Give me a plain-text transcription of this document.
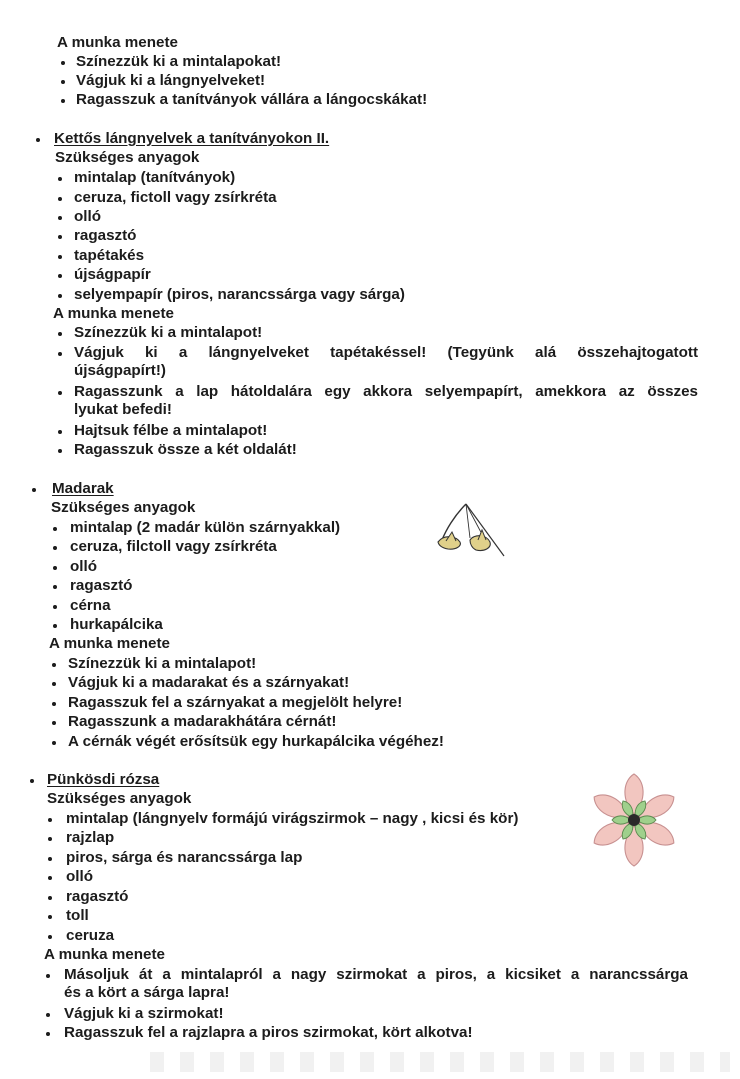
A munka menete
Színezzük ki a mintalapokat!
Vágjuk ki a lángnyelveket!
Ragasszuk a tanítványok vállára a lángocskákat!
Kettős lángnyelvek a tanítványokon II.
Szükséges anyagok
mintalap (tanítványok)
ceruza, fictoll vagy zsírkréta
olló
ragasztó
tapétakés
újságpapír
selyempapír (piros, narancssárga vagy sárga)
A munka menete
Színezzük ki a mintalapot!
Vágjuk ki a lángnyelveket tapétakéssel! (Tegyünk alá összehajtogatott
újságpapírt!)
Ragasszunk a lap hátoldalára egy akkora selyempapírt, amekkora az összes
lyukat befedi!
Hajtsuk félbe a mintalapot!
Ragasszuk össze a két oldalát!
Madarak
Szükséges anyagok
mintalap (2 madár külön szárnyakkal)
ceruza, filctoll vagy zsírkréta
olló
ragasztó
cérna
hurkapálcika
A munka menete
Színezzük ki a mintalapot!
Vágjuk ki a madarakat és a szárnyakat!
Ragasszuk fel a szárnyakat a megjelölt helyre!
Ragasszunk a madarakhátára cérnát!
A cérnák végét erősítsük egy hurkapálcika végéhez!
Pünkösdi rózsa
Szükséges anyagok
mintalap (lángnyelv formájú virágszirmok – nagy , kicsi és kör)
rajzlap
piros, sárga és narancssárga lap
olló
ragasztó
toll
ceruza
A munka menete
Másoljuk át a mintalapról a nagy szirmokat a piros, a kicsiket a narancssárga
és a kört a sárga lapra!
Vágjuk ki a szirmokat!
Ragasszuk fel a rajzlapra a piros szirmokat, kört alkotva!
